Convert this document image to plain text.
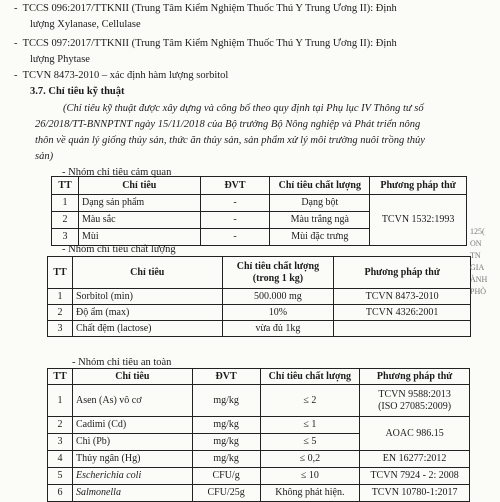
- TCCS 096:2017/TTKNII (Trung Tâm Kiểm Nghiệm Thuốc Thú Y Trung Ương II): Định
lượng Xylanase, Cellulase
- TCCS 097:2017/TTKNII (Trung Tâm Kiểm Nghiệm Thuốc Thú Y Trung Ương II): Định
lượng Phytase
- TCVN 8473-2010 – xác định hàm lượng sorbitol
3.7. Chỉ tiêu kỹ thuật
(Chỉ tiêu kỹ thuật được xây dựng và công bố theo quy định tại Phụ lục IV Thông tư số
26/2018/TT-BNNPTNT ngày 15/11/2018 của Bộ trưởng Bộ Nông nghiệp và Phát triển nông
thôn về quản lý giống thủy sản, thức ăn thủy sản, sản phẩm xử lý môi trường nuôi trồng thủy
sản)
- Nhóm chỉ tiêu cảm quan
TT	Chỉ tiêu	ĐVT	Chỉ tiêu chất lượng	Phương pháp thử
1	Dạng sản phẩm	-	Dạng bột	TCVN 1532:1993
2	Màu sắc	-	Màu trắng ngà	
3	Mùi	-	Mùi đặc trưng	
- Nhóm chỉ tiêu chất lượng
TT	Chỉ tiêu	Chỉ tiêu chất lượng (trong 1 kg)	Phương pháp thử
1	Sorbitol (min)	500.000 mg	TCVN 8473-2010
2	Độ ẩm (max)	10%	TCVN 4326:2001
3	Chất đệm (lactose)	vừa đủ 1kg	
- Nhóm chỉ tiêu an toàn
TT	Chỉ tiêu	ĐVT	Chỉ tiêu chất lượng	Phương pháp thử
1	Asen (As) vô cơ	mg/kg	≤ 2	TCVN 9588:2013
(ISO 27085:2009)

2	Cadimi (Cd)	mg/kg	≤ 1	AOAC 986.15
3	Chì (Pb)	mg/kg	≤ 5	
4	Thủy ngân (Hg)	mg/kg	≤ 0,2	EN 16277:2012
5	Escherichia coli	CFU/g	≤ 10	TCVN 7924 - 2: 2008
6	Salmonella	CFU/25g	Không phát hiện.	TCVN 10780-1:2017
125(
ON
TN
GIA
ÀNH
PHÒ
